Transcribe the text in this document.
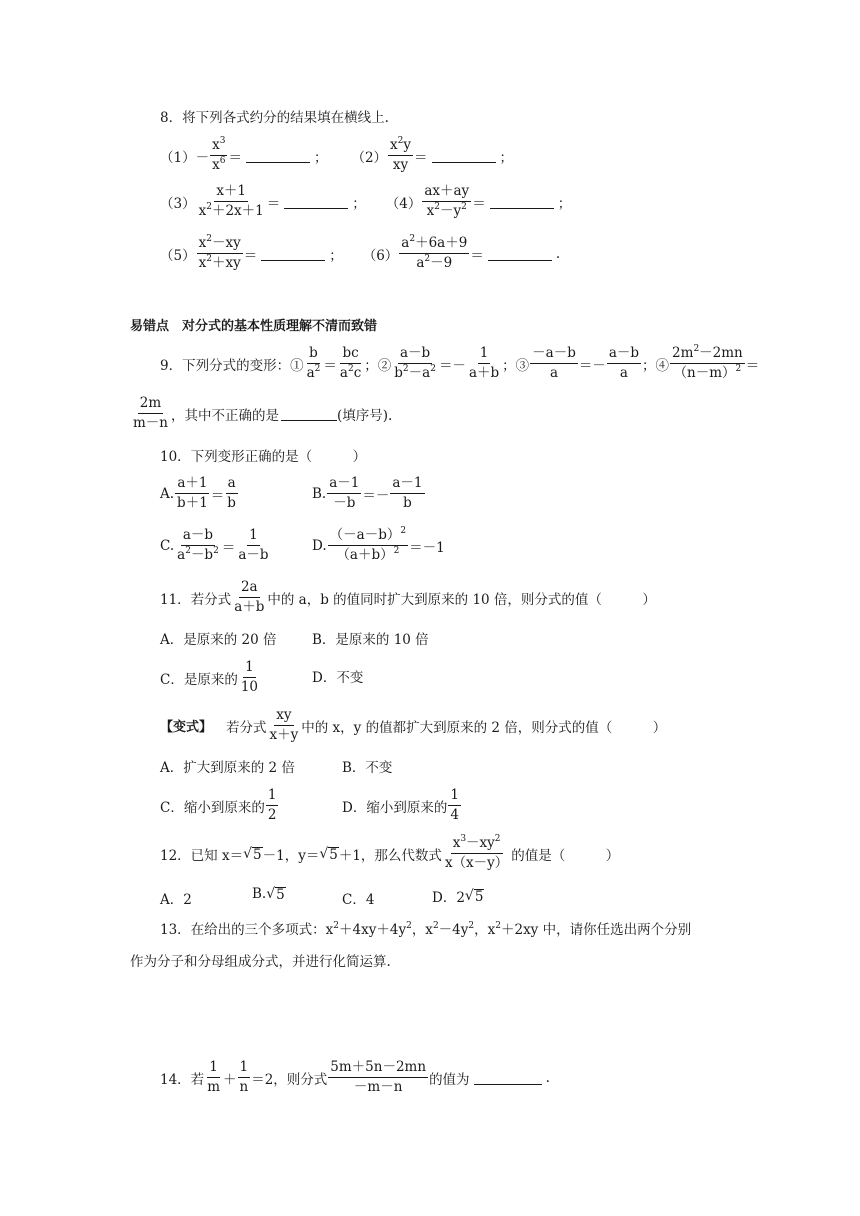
8．将下列各式约分的结果填在横线上.
$(1) - \frac{x^3}{x^6}$ ＝	； $(2) \frac{x^2y}{xy}$ ＝	；
$(3) \frac{x+1}{x^2+2x+1}$ ＝	； $(4) \frac{ax+ay}{x^2-y^2}$ ＝	；
$(5) \frac{x^2-xy}{x^2+xy}$ ＝	； $(6) \frac{a^2+6a+9}{a^2-9}$ ＝	.
易错点　对分式的基本性质理解不清而致错
9．下列分式的变形：① $\frac{b}{a^2} = \frac{bc}{a^2c}$ ；② $\frac{a-b}{b^2-a^2} =- \frac{1}{a+b}$ ；③ $\frac{-a-b}{a} =- \frac{a-b}{a}$ ；④ $\frac{2m^2-2mn}{(n-m)^2}$ ＝
$\frac{2m}{m-n}$ ，其中不正确的是	(填序号).
10．下列变形正确的是（　　　）
A. $\frac{a+1}{b+1} = \frac{a}{b}$	B. $\frac{a-1}{-b} =- \frac{a-1}{b}$
C. $\frac{a-b}{a^2-b^2} = \frac{1}{a-b}$	D. $\frac{(-a-b)^2}{(a+b)^2} =-1$
11．若分式 $\frac{2a}{a+b}$ 中的 a，b 的值同时扩大到原来的 10 倍，则分式的值（　　　）
A．是原来的 20 倍	B．是原来的 10 倍
C．是原来的 $\frac{1}{10}$	D．不变
【变式】 若分式 $\frac{xy}{x+y}$ 中的 x，y 的值都扩大到原来的 2 倍，则分式的值（　　　）
A．扩大到原来的 2 倍	B．不变
C．缩小到原来的 $\frac{1}{2}$	D．缩小到原来的 $\frac{1}{4}$
12．已知 x＝ √ 5 －1，y＝ √ 5 ＋1，那么代数式 $\frac{x^3-xy^2}{x(x-y)}$ 的值是（　　　）
A．2	B. √ 5	C．4	D．2 √ 5
13．在给出的三个多项式：$x^2 +4xy+4y^2$ ，$x^2 -4y^2$ ，$x^2 +2xy$ 中，请你任选出两个分别
作为分子和分母组成分式，并进行化简运算.
14．若 $\frac{1}{m} + \frac{1}{n} =2$，则分式 $\frac{5m+5n-2mn}{-m-n}$ 的值为	.
